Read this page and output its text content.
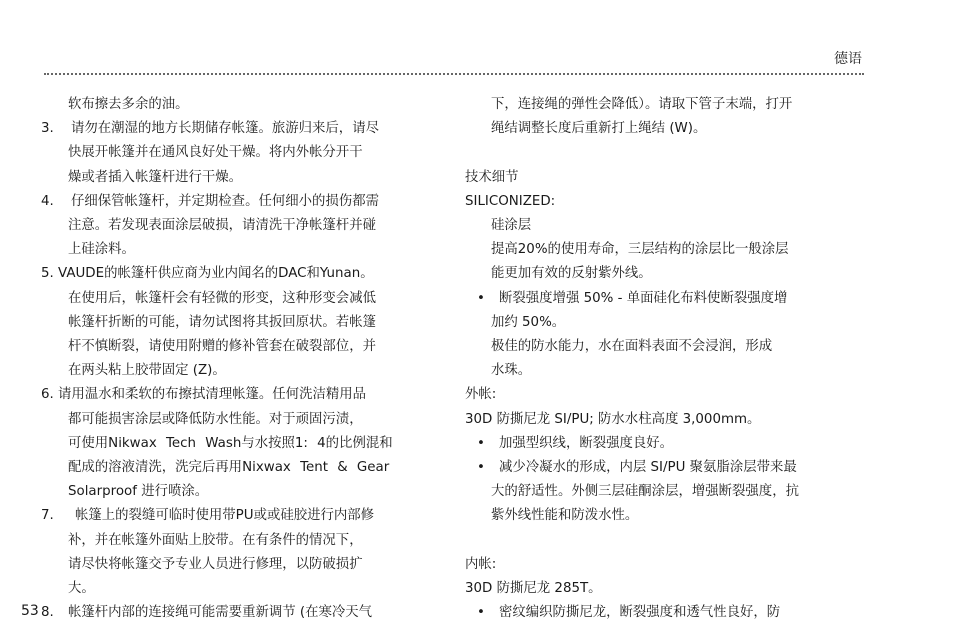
德语

软布擦去多余的油。

3. 请勿在潮湿的地方长期储存帐篷。旅游归来后，请尽

快展开帐篷并在通风良好处干燥。将内外帐分开干

燥或者插入帐篷杆进行干燥。

4. 仔细保管帐篷杆，并定期检查。任何细小的损伤都需

注意。若发现表面涂层破损，请清洗干净帐篷杆并碰

上硅涂料。

5. VAUDE的帐篷杆供应商为业内闻名的DAC和Yunan。

在使用后，帐篷杆会有轻微的形变，这种形变会减低

帐篷杆折断的可能，请勿试图将其扳回原状。若帐篷

杆不慎断裂，请使用附赠的修补管套在破裂部位，并

在两头粘上胶带固定 (Z)。

6. 请用温水和柔软的布擦拭清理帐篷。任何洗洁精用品

都可能损害涂层或降低防水性能。对于顽固污渍，

可使用Nikwax Tech Wash与水按照1: 4的比例混和

配成的溶液清洗，洗完后再用Nixwax Tent & Gear

Solarproof 进行喷涂。

7.	帐篷上的裂缝可临时使用带PU或或硅胶进行内部修

补，并在帐篷外面贴上胶带。在有条件的情况下，

请尽快将帐篷交予专业人员进行修理，以防破损扩

大。

8. 帐篷杆内部的连接绳可能需要重新调节 (在寒冷天气

下，连接绳的弹性会降低）。请取下管子末端，打开

绳结调整长度后重新打上绳结 (W)。

技术细节

SILICONIZED:

硅涂层

提高20%的使用寿命，三层结构的涂层比一般涂层

能更加有效的反射紫外线。

• 断裂强度增强 50% - 单面硅化布料使断裂强度增

加约 50%。

极佳的防水能力，水在面料表面不会浸润，形成

水珠。

外帐:

30D 防撕尼龙 SI/PU; 防水水柱高度 3,000mm。

• 加强型织线，断裂强度良好。

• 减少冷凝水的形成，内层 SI/PU 聚氨脂涂层带来最

大的舒适性。外侧三层硅酮涂层，增强断裂强度，抗

紫外线性能和防泼水性。

内帐:

30D 防撕尼龙 285T。

• 密纹编织防撕尼龙，断裂强度和透气性良好，防

53
